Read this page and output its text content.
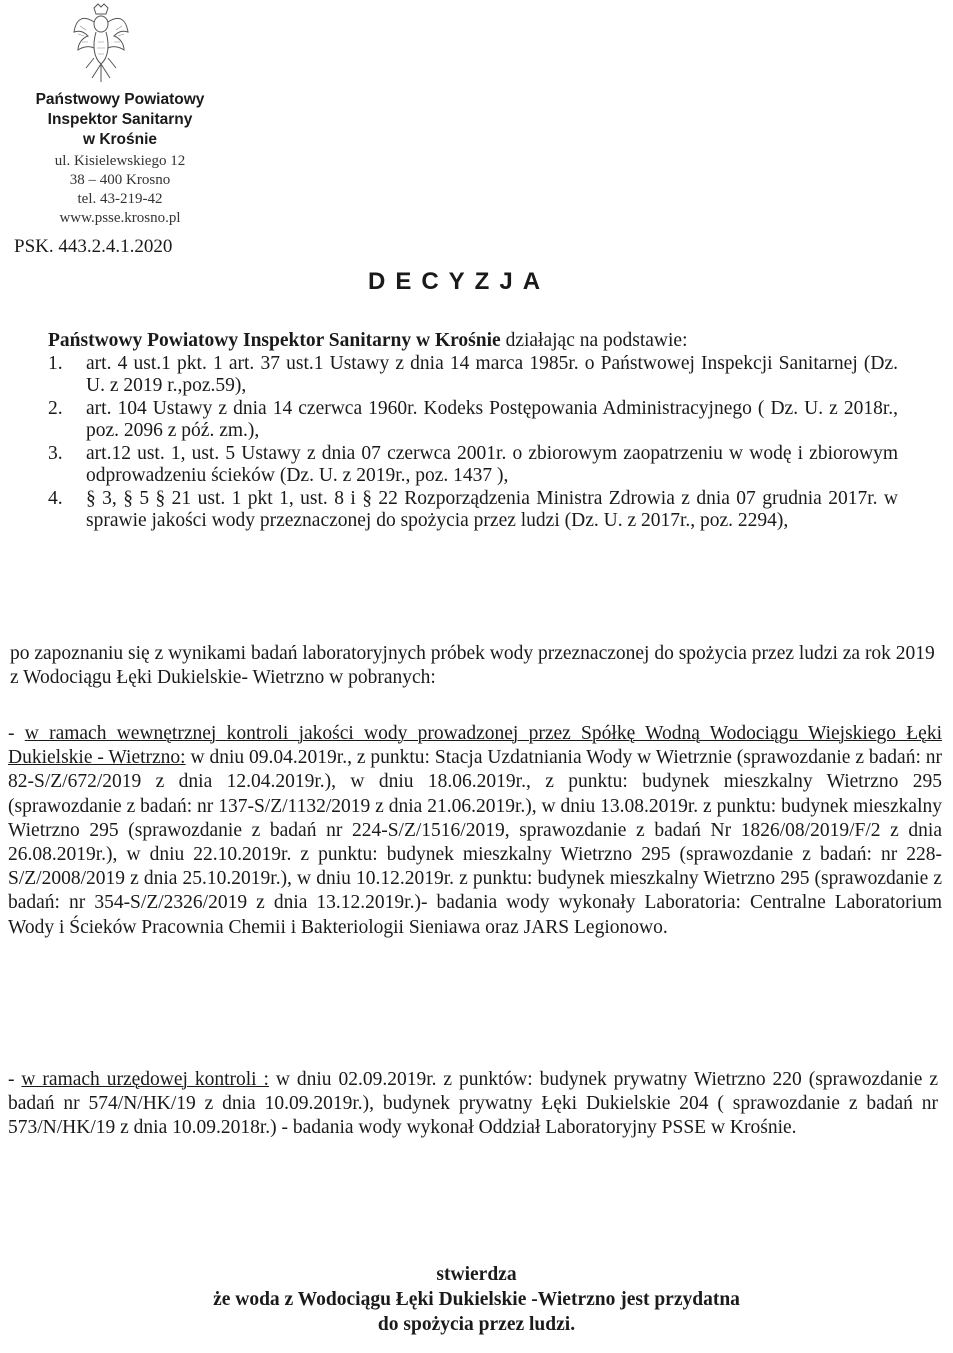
Państwowy Powiatowy
Inspektor Sanitarny
w Krośnie
ul. Kisielewskiego 12
38 – 400 Krosno
tel. 43-219-42
www.psse.krosno.pl
PSK. 443.2.4.1.2020
DECYZJA
Państwowy Powiatowy Inspektor Sanitarny w Krośnie działając na podstawie:
1. art. 4 ust.1 pkt. 1 art. 37 ust.1 Ustawy z dnia 14 marca 1985r. o Państwowej Inspekcji Sanitarnej (Dz. U. z 2019 r.,poz.59),
2. art. 104 Ustawy z dnia 14 czerwca 1960r. Kodeks Postępowania Administracyjnego ( Dz. U. z 2018r., poz. 2096 z póź. zm.),
3. art.12 ust. 1, ust. 5 Ustawy z dnia 07 czerwca 2001r. o zbiorowym zaopatrzeniu w wodę i zbiorowym odprowadzeniu ścieków (Dz. U. z 2019r., poz. 1437 ),
4. § 3, § 5 § 21 ust. 1 pkt 1, ust. 8 i § 22 Rozporządzenia Ministra Zdrowia z dnia 07 grudnia 2017r. w sprawie jakości wody przeznaczonej do spożycia przez ludzi (Dz. U. z 2017r., poz. 2294),
po zapoznaniu się z wynikami badań laboratoryjnych próbek wody przeznaczonej do spożycia przez ludzi za rok 2019 z Wodociągu Łęki Dukielskie- Wietrzno w pobranych:
- w ramach wewnętrznej kontroli jakości wody prowadzonej przez Spółkę Wodną Wodociągu Wiejskiego Łęki Dukielskie - Wietrzno: w dniu 09.04.2019r., z punktu: Stacja Uzdatniania Wody w Wietrznie (sprawozdanie z badań: nr 82-S/Z/672/2019 z dnia 12.04.2019r.), w dniu 18.06.2019r., z punktu: budynek mieszkalny Wietrzno 295 (sprawozdanie z badań: nr 137-S/Z/1132/2019 z dnia 21.06.2019r.), w dniu 13.08.2019r. z punktu: budynek mieszkalny Wietrzno 295 (sprawozdanie z badań nr 224-S/Z/1516/2019, sprawozdanie z badań Nr 1826/08/2019/F/2 z dnia 26.08.2019r.), w dniu 22.10.2019r. z punktu: budynek mieszkalny Wietrzno 295 (sprawozdanie z badań: nr 228-S/Z/2008/2019 z dnia 25.10.2019r.), w dniu 10.12.2019r. z punktu: budynek mieszkalny Wietrzno 295 (sprawozdanie z badań: nr 354-S/Z/2326/2019 z dnia 13.12.2019r.)- badania wody wykonały Laboratoria: Centralne Laboratorium Wody i Ścieków Pracownia Chemii i Bakteriologii Sieniawa oraz JARS Legionowo.
- w ramach urzędowej kontroli : w dniu 02.09.2019r. z punktów: budynek prywatny Wietrzno 220 (sprawozdanie z badań nr 574/N/HK/19 z dnia 10.09.2019r.), budynek prywatny Łęki Dukielskie 204 ( sprawozdanie z badań nr 573/N/HK/19 z dnia 10.09.2018r.) - badania wody wykonał Oddział Laboratoryjny PSSE w Krośnie.
stwierdza
że woda z Wodociągu Łęki Dukielskie -Wietrzno jest przydatna
do spożycia przez ludzi.
